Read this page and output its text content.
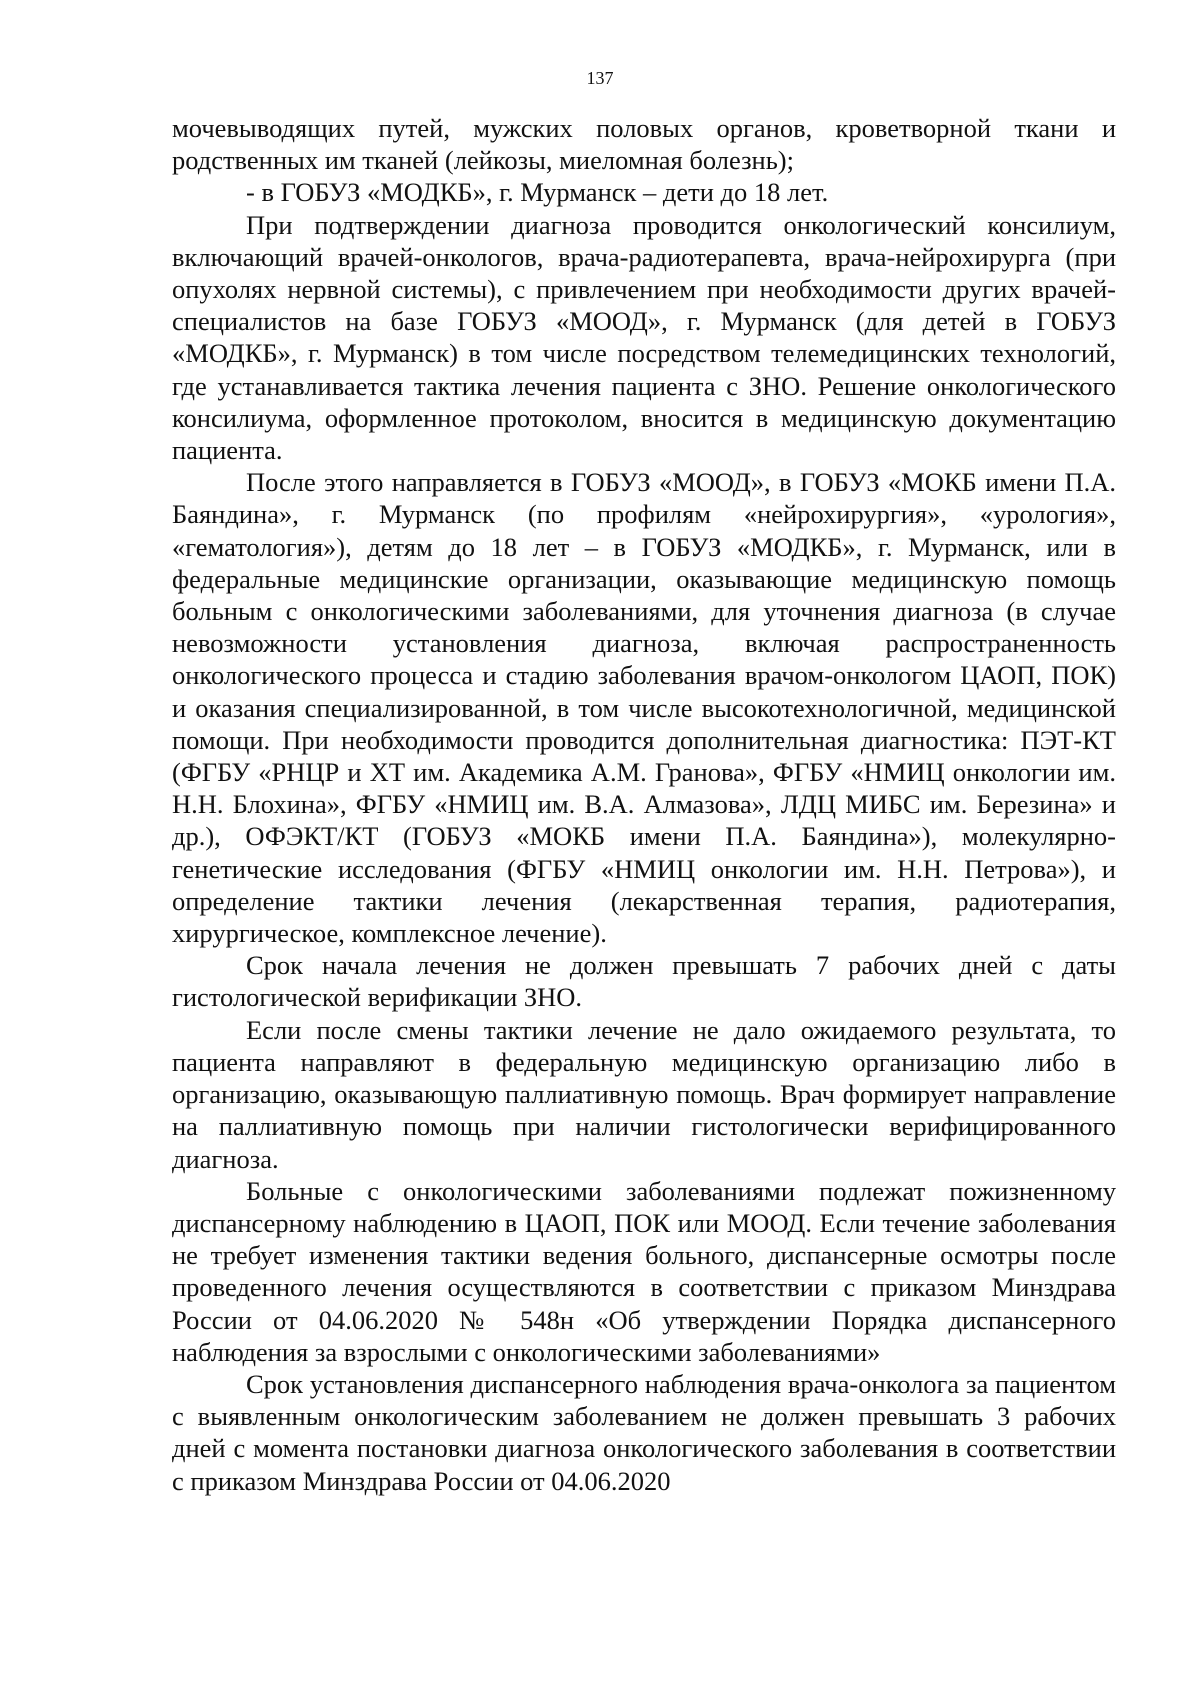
137

мочевыводящих путей, мужских половых органов, кроветворной ткани и родственных им тканей (лейкозы, миеломная болезнь);

- в ГОБУЗ «МОДКБ», г. Мурманск – дети до 18 лет.

При подтверждении диагноза проводится онкологический консилиум, включающий врачей-онкологов, врача-радиотерапевта, врача-нейрохирурга (при опухолях нервной системы), с привлечением при необходимости других врачей-специалистов на базе ГОБУЗ «МООД», г. Мурманск (для детей в ГОБУЗ «МОДКБ», г. Мурманск) в том числе посредством телемедицинских технологий, где устанавливается тактика лечения пациента с ЗНО. Решение онкологического консилиума, оформленное протоколом, вносится в медицинскую документацию пациента.

После этого направляется в ГОБУЗ «МООД», в ГОБУЗ «МОКБ имени П.А. Баяндина», г. Мурманск (по профилям «нейрохирургия», «урология», «гематология»), детям до 18 лет – в ГОБУЗ «МОДКБ», г. Мурманск, или в федеральные медицинские организации, оказывающие медицинскую помощь больным с онкологическими заболеваниями, для уточнения диагноза (в случае невозможности установления диагноза, включая распространенность онкологического процесса и стадию заболевания врачом-онкологом ЦАОП, ПОК) и оказания специализированной, в том числе высокотехнологичной, медицинской помощи. При необходимости проводится дополнительная диагностика: ПЭТ-КТ (ФГБУ «РНЦР и ХТ им. Академика А.М. Гранова», ФГБУ «НМИЦ онкологии им. Н.Н. Блохина», ФГБУ «НМИЦ им. В.А. Алмазова», ЛДЦ МИБС им. Березина» и др.), ОФЭКТ/КТ (ГОБУЗ «МОКБ имени П.А. Баяндина»), молекулярно-генетические исследования (ФГБУ «НМИЦ онкологии им. Н.Н. Петрова»), и определение тактики лечения (лекарственная терапия, радиотерапия, хирургическое, комплексное лечение).

Срок начала лечения не должен превышать 7 рабочих дней с даты гистологической верификации ЗНО.

Если после смены тактики лечение не дало ожидаемого результата, то пациента направляют в федеральную медицинскую организацию либо в организацию, оказывающую паллиативную помощь. Врач формирует направление на паллиативную помощь при наличии гистологически верифицированного диагноза.

Больные с онкологическими заболеваниями подлежат пожизненному диспансерному наблюдению в ЦАОП, ПОК или МООД. Если течение заболевания не требует изменения тактики ведения больного, диспансерные осмотры после проведенного лечения осуществляются в соответствии с приказом Минздрава России от 04.06.2020 № 548н «Об утверждении Порядка диспансерного наблюдения за взрослыми с онкологическими заболеваниями»

Срок установления диспансерного наблюдения врача-онколога за пациентом с выявленным онкологическим заболеванием не должен превышать 3 рабочих дней с момента постановки диагноза онкологического заболевания в соответствии с приказом Минздрава России от 04.06.2020
